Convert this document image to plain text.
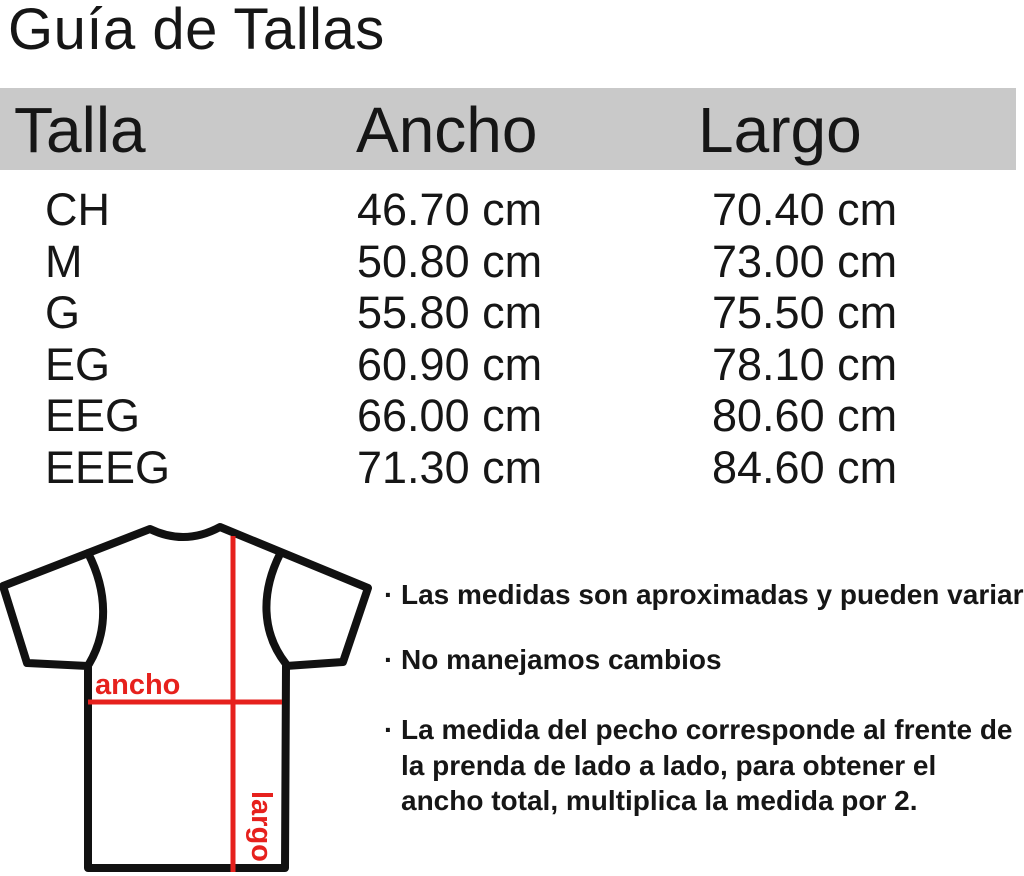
Guía de Tallas
Talla	Ancho	Largo
CH	46.70 cm	70.40 cm
M	50.80 cm	73.00 cm
G	55.80 cm	75.50 cm
EG	60.90 cm	78.10 cm
EEG	66.00 cm	80.60 cm
EEEG	71.30 cm	84.60 cm
ancho
largo
· Las medidas son aproximadas y pueden variar
· No manejamos cambios
· La medida del pecho corresponde al frente de
la prenda de lado a lado, para obtener el
ancho total, multiplica la medida por 2.
